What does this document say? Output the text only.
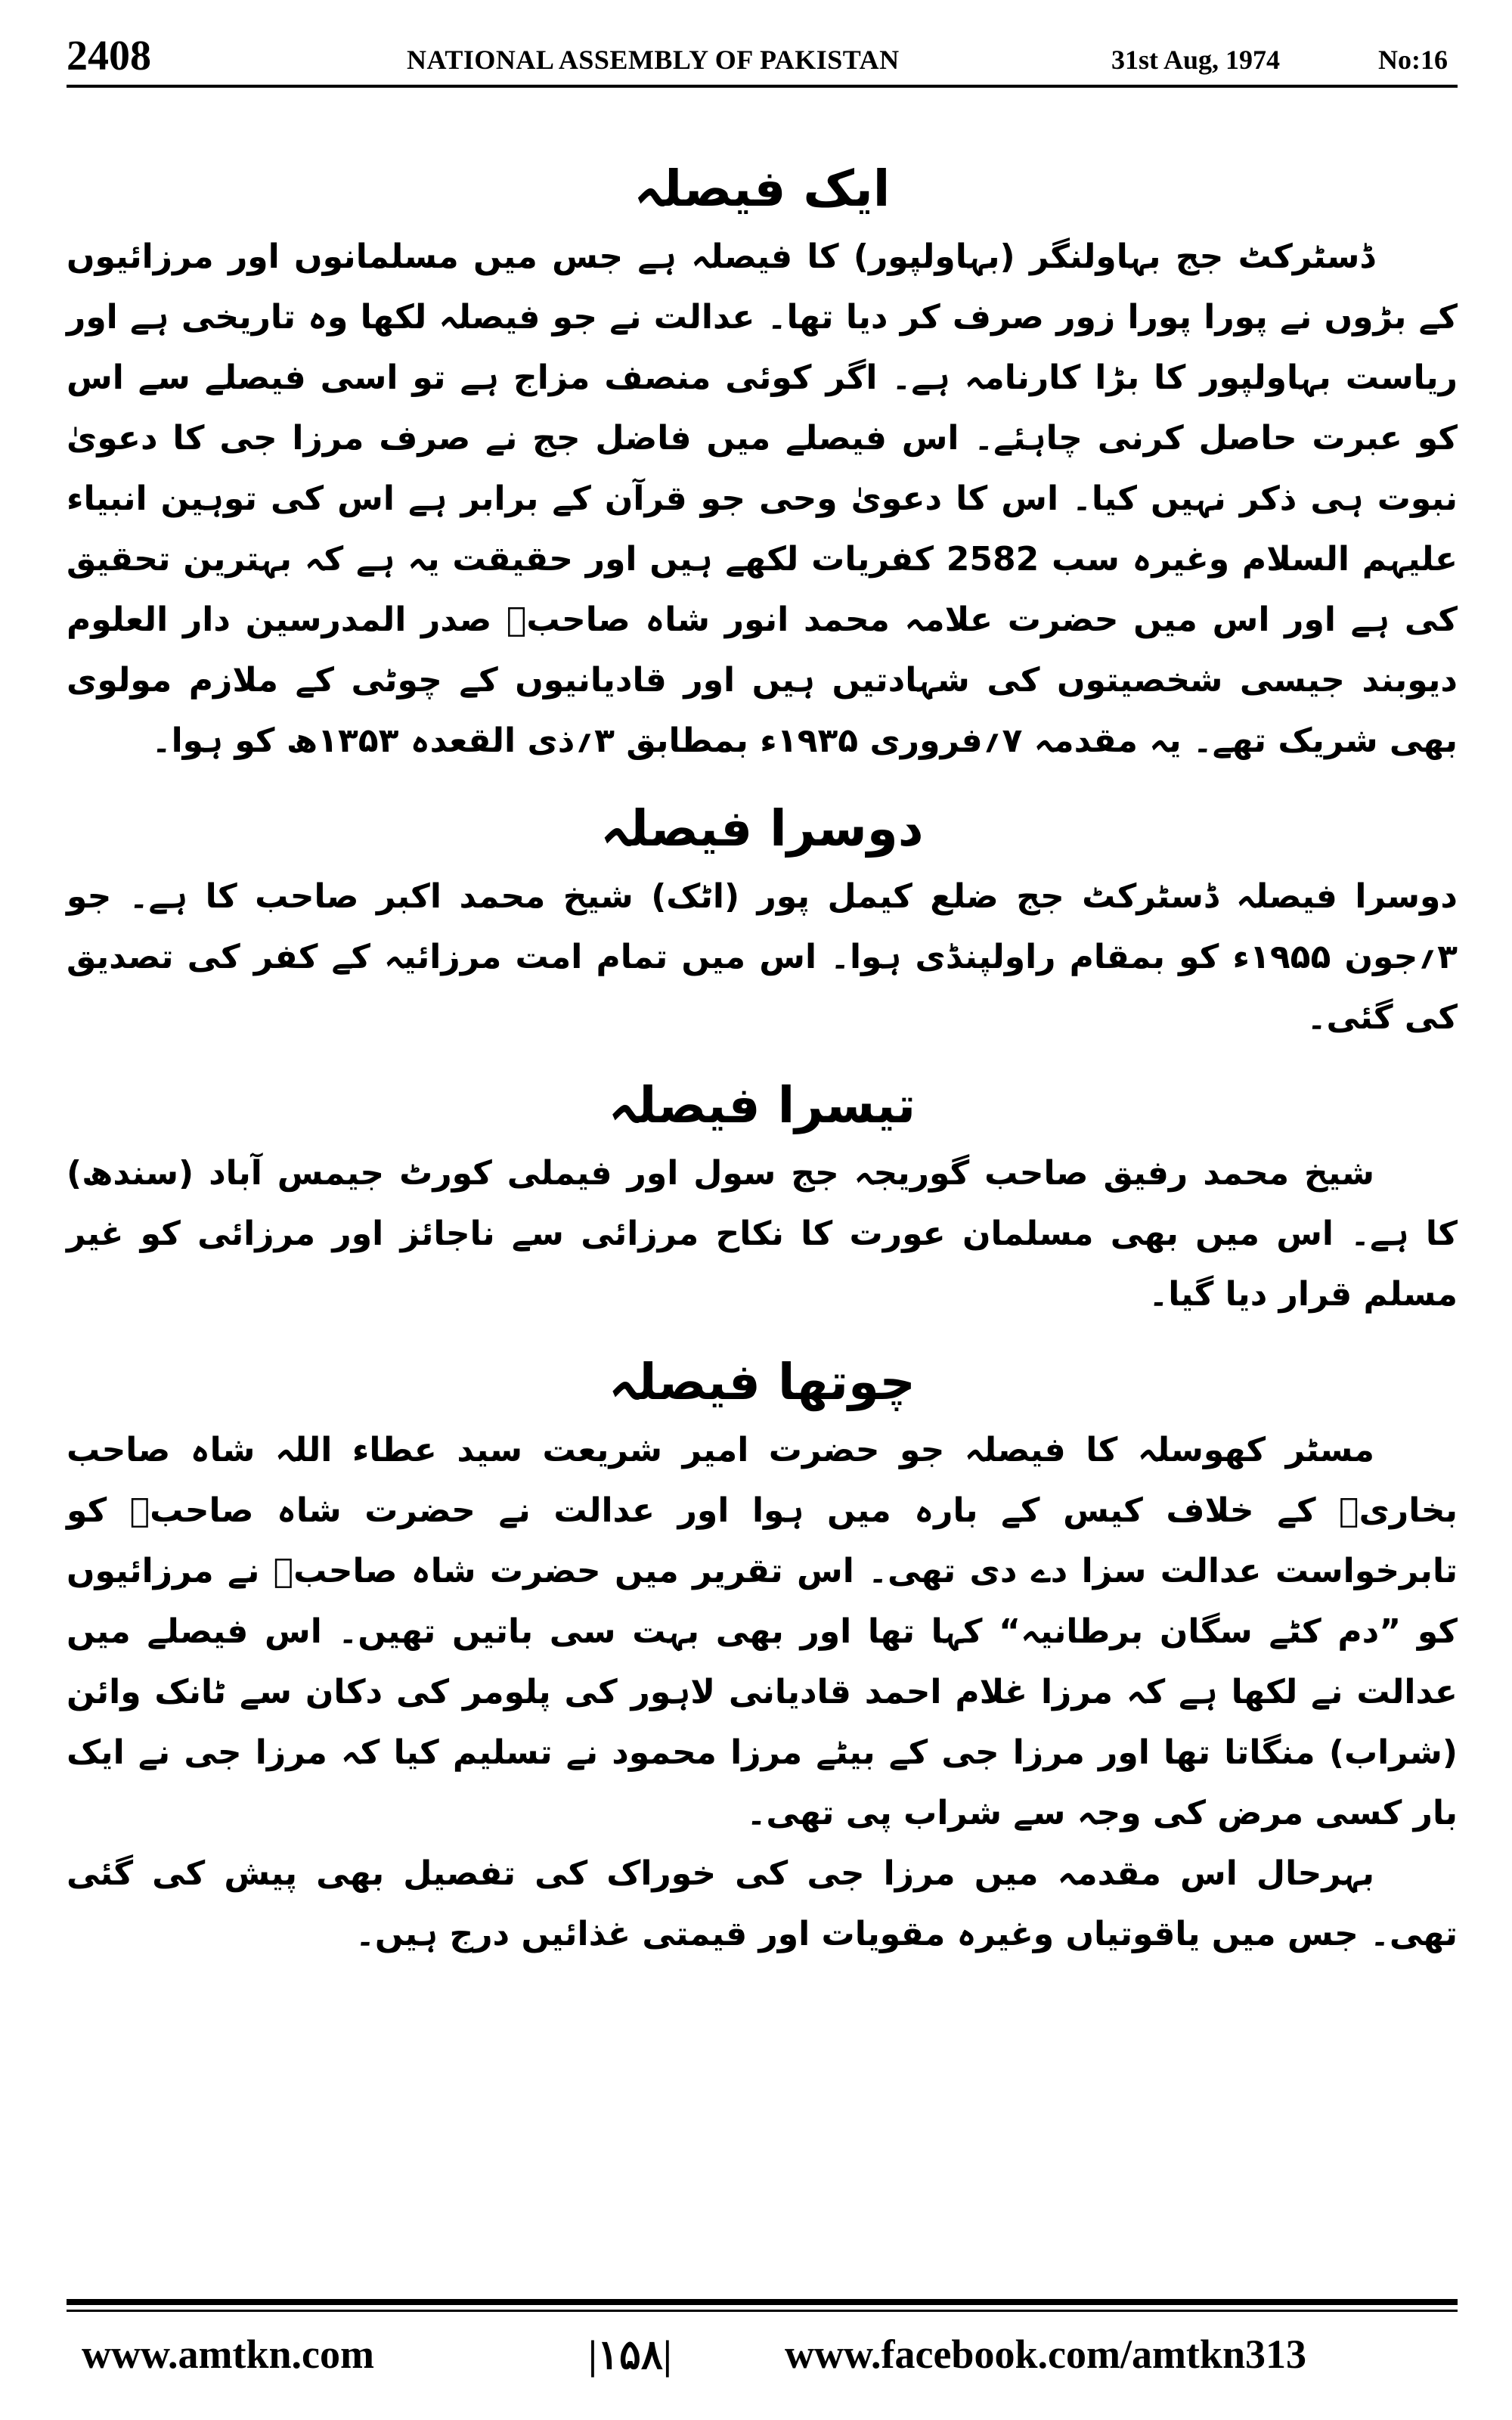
2408	NATIONAL ASSEMBLY OF PAKISTAN	31st Aug, 1974	No:16
ایک فیصلہ

ڈسٹرکٹ جج بہاولنگر (بہاولپور) کا فیصلہ ہے جس میں مسلمانوں اور مرزائیوں کے بڑوں نے پورا پورا زور صرف کر دیا تھا۔ عدالت نے جو فیصلہ لکھا وہ تاریخی ہے اور ریاست بہاولپور کا بڑا کارنامہ ہے۔ اگر کوئی منصف مزاج ہے تو اسی فیصلے سے اس کو عبرت حاصل کرنی چاہئے۔ اس فیصلے میں فاضل جج نے صرف مرزا جی کا دعویٰ نبوت ہی ذکر نہیں کیا۔ اس کا دعویٰ وحی جو قرآن کے برابر ہے اس کی توہین انبیاء علیہم السلام وغیرہ سب 2582 کفریات لکھے ہیں اور حقیقت یہ ہے کہ بہترین تحقیق کی ہے اور اس میں حضرت علامہ محمد انور شاہ صاحبؒ صدر المدرسین دار العلوم دیوبند جیسی شخصیتوں کی شہادتیں ہیں اور قادیانیوں کے چوٹی کے ملازم مولوی بھی شریک تھے۔ یہ مقدمہ ۷؍فروری ۱۹۳۵ء بمطابق ۳؍ذی القعدہ ۱۳۵۳ھ کو ہوا۔

دوسرا فیصلہ

دوسرا فیصلہ ڈسٹرکٹ جج ضلع کیمل پور (اٹک) شیخ محمد اکبر صاحب کا ہے۔ جو ۳؍جون ۱۹۵۵ء کو بمقام راولپنڈی ہوا۔ اس میں تمام امت مرزائیہ کے کفر کی تصدیق کی گئی۔

تیسرا فیصلہ

شیخ محمد رفیق صاحب گوریجہ جج سول اور فیملی کورٹ جیمس آباد (سندھ) کا ہے۔ اس میں بھی مسلمان عورت کا نکاح مرزائی سے ناجائز اور مرزائی کو غیر مسلم قرار دیا گیا۔

چوتھا فیصلہ

مسٹر کھوسلہ کا فیصلہ جو حضرت امیر شریعت سید عطاء اللہ شاہ صاحب بخاریؒ کے خلاف کیس کے بارہ میں ہوا اور عدالت نے حضرت شاہ صاحبؒ کو تابرخواست عدالت سزا دے دی تھی۔ اس تقریر میں حضرت شاہ صاحبؒ نے مرزائیوں کو ”دم کٹے سگان برطانیہ“ کہا تھا اور بھی بہت سی باتیں تھیں۔ اس فیصلے میں عدالت نے لکھا ہے کہ مرزا غلام احمد قادیانی لاہور کی پلومر کی دکان سے ٹانک وائن (شراب) منگاتا تھا اور مرزا جی کے بیٹے مرزا محمود نے تسلیم کیا کہ مرزا جی نے ایک بار کسی مرض کی وجہ سے شراب پی تھی۔

بہرحال اس مقدمہ میں مرزا جی کی خوراک کی تفصیل بھی پیش کی گئی تھی۔ جس میں یاقوتیاں وغیرہ مقویات اور قیمتی غذائیں درج ہیں۔

www.amtkn.com	|۱۵۸|	www.facebook.com/amtkn313
